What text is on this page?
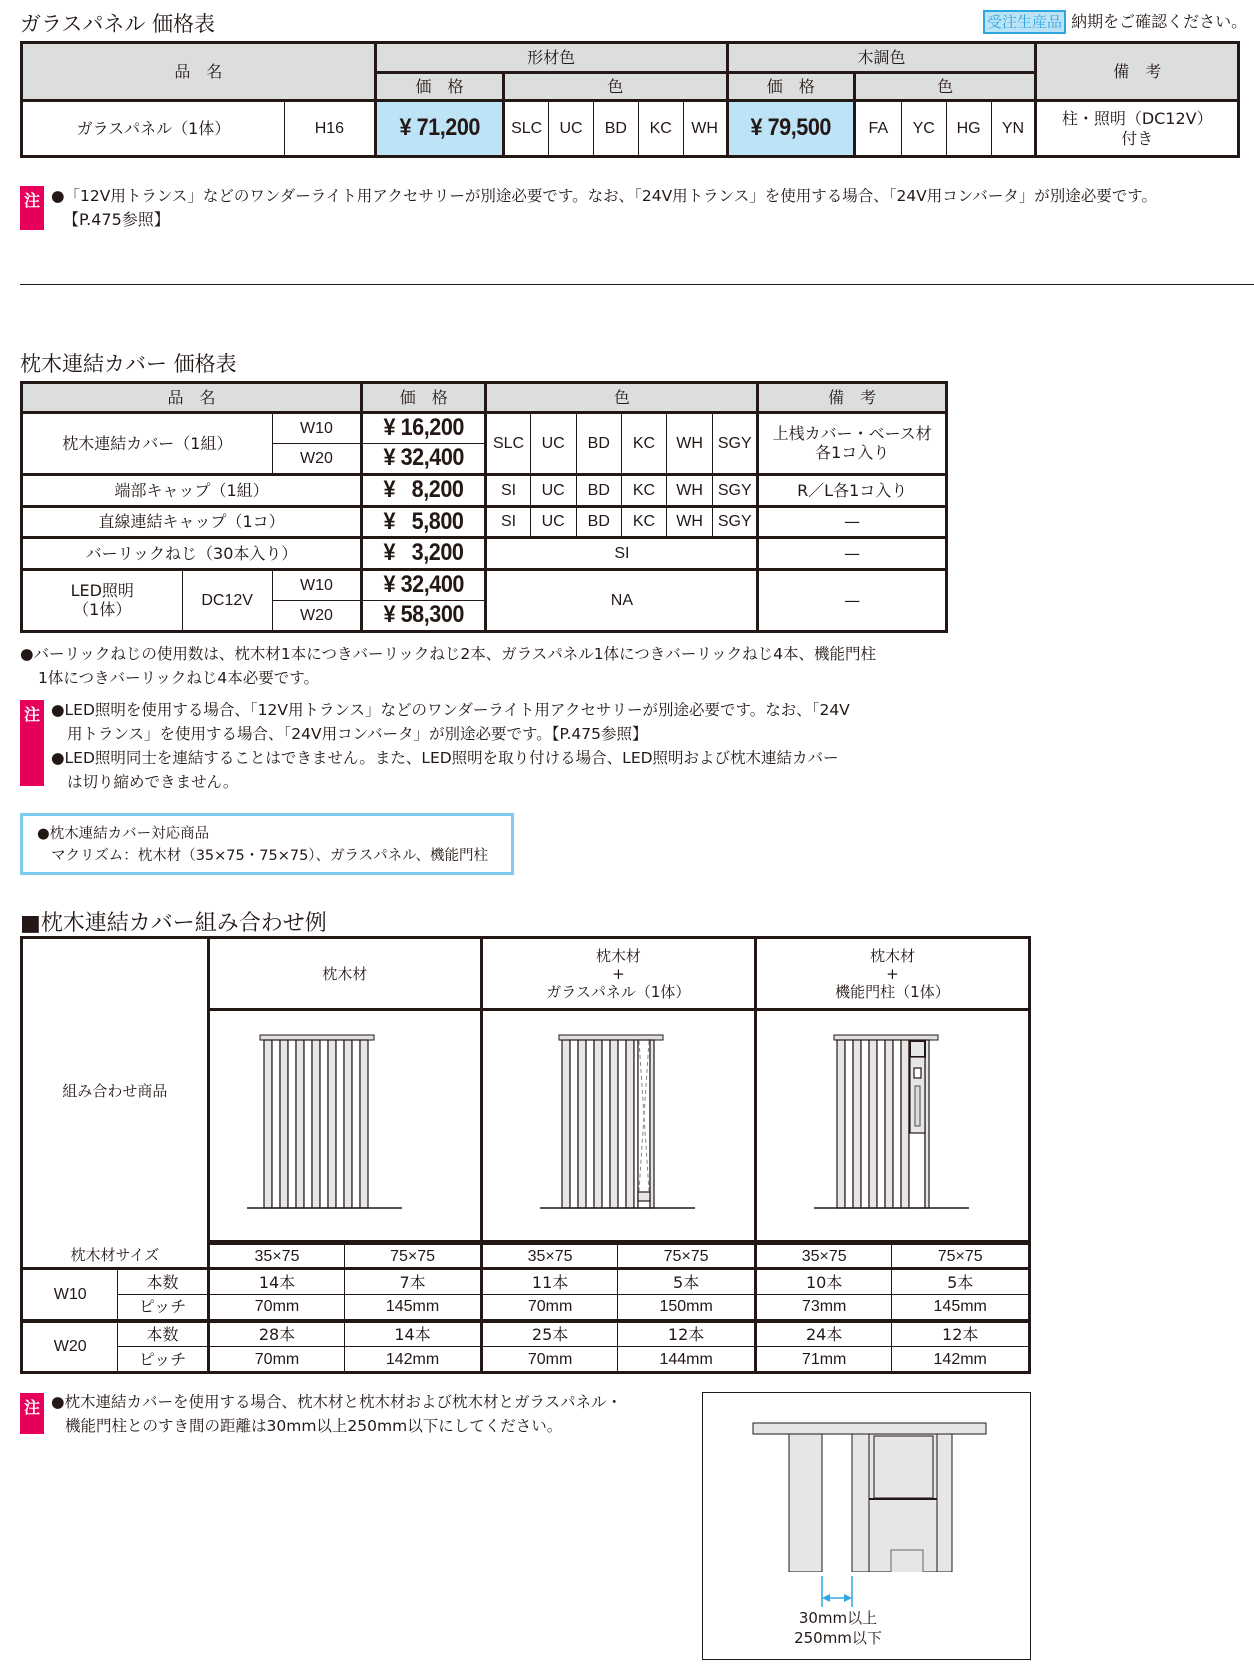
ガラスパネル 価格表	受注生産品 納期をご確認ください。
品　名		形材色						木調色					備　考
		価　格	色					価　格	色				
ガラスパネル（1体）	H16	¥ 71,200	SLC	UC	BD	KC	WH	¥ 79,500	FA	YC	HG	YN	柱・照明（DC12V）
付き
注 ●「12V用トランス」などのワンダーライト用アクセサリーが別途必要です。なお、「24V用トランス」を使用する場合、「24V用コンバータ」が別途必要です。
【P.475参照】
枕木連結カバー 価格表
品　名			価　格	色						備　考
枕木連結カバー（1組）		W10	¥ 16,200	SLC	UC	BD	KC	WH	SGY	上桟カバー・ベース材
各1コ入り

		W20	¥ 32,400							
端部キャップ（1組）			¥   8,200	SI	UC	BD	KC	WH	SGY	R／L各1コ入り
直線連結キャップ（1コ）			¥   5,800	SI	UC	BD	KC	WH	SGY	—
バーリックねじ（30本入り）			¥   3,200	SI						—

LED照明
（1体）	DC12V	W10	¥ 32,400	NA						—
		W20	¥ 58,300							
●バーリックねじの使用数は、枕木材1本につきバーリックねじ2本、ガラスパネル1体につきバーリックねじ4本、機能門柱
1体につきバーリックねじ4本必要です。
注 ●LED照明を使用する場合、「12V用トランス」などのワンダーライト用アクセサリーが別途必要です。なお、「24V
用トランス」を使用する場合、「24V用コンバータ」が別途必要です。【P.475参照】
●LED照明同士を連結することはできません。また、LED照明を取り付ける場合、LED照明および枕木連結カバー
は切り縮めできません。
●枕木連結カバー対応商品
マクリズム：枕木材（35×75・75×75）、ガラスパネル、機能門柱
■枕木連結カバー組み合わせ例
組み合わせ商品	
枕木材

枕木材
+
ガラスパネル（1体）

枕木材
+
機能門柱（1体）

枕木材サイズ		35×75	75×75	35×75	75×75	35×75	75×75
W10	本数	14本	7本	11本	5本	10本	5本
	ピッチ	70mm	145mm	70mm	150mm	73mm	145mm
W20	本数	28本	14本	25本	12本	24本	12本
	ピッチ	70mm	142mm	70mm	144mm	71mm	142mm
注 ●枕木連結カバーを使用する場合、枕木材と枕木材および枕木材とガラスパネル・
機能門柱とのすき間の距離は30mm以上250mm以下にしてください。
30mm以上
250mm以下
